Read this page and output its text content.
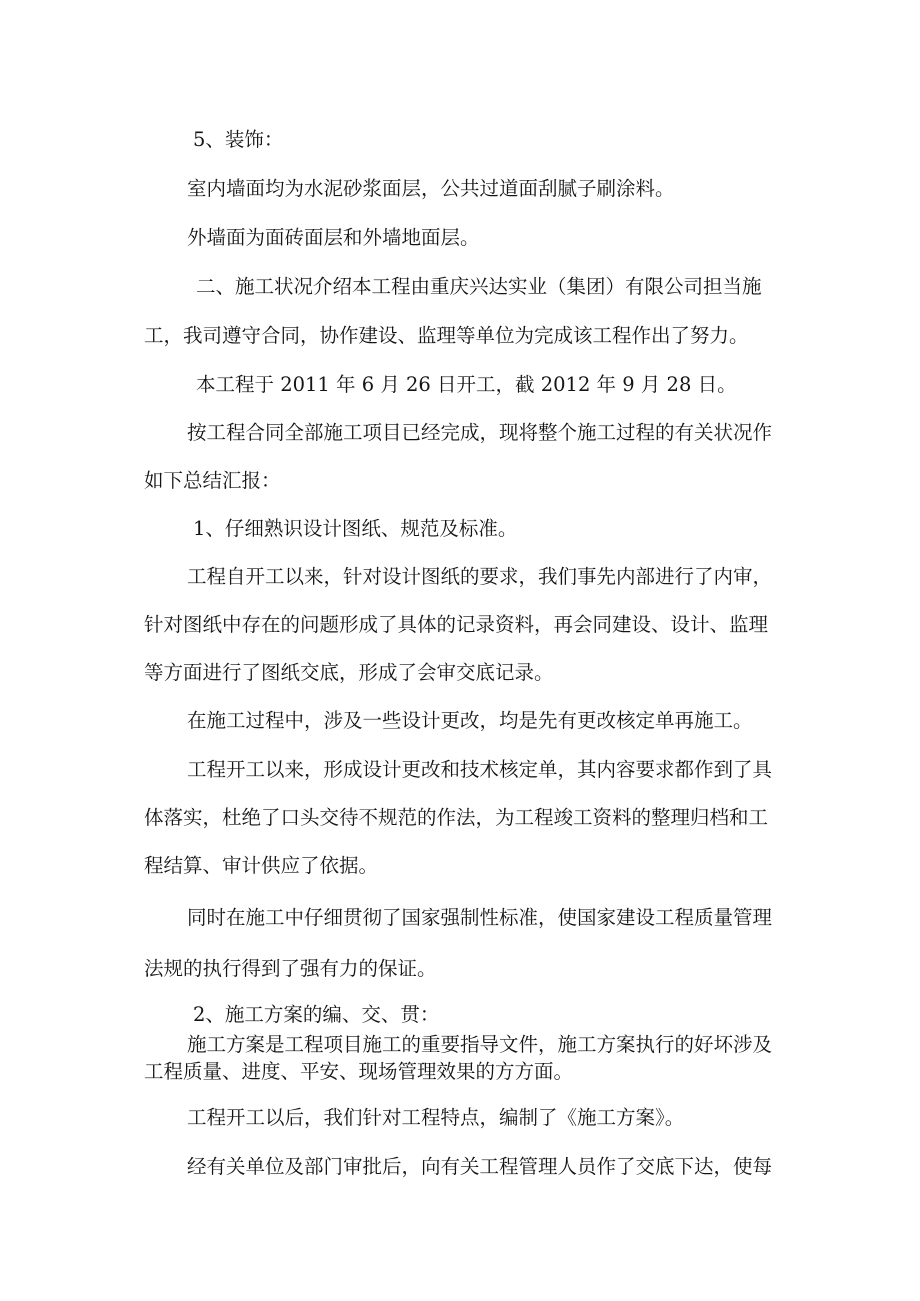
5、装饰：

室内墙面均为水泥砂浆面层，公共过道面刮腻子刷涂料。

外墙面为面砖面层和外墙地面层。

二、施工状况介绍本工程由重庆兴达实业（集团）有限公司担当施

工，我司遵守合同，协作建设、监理等单位为完成该工程作出了努力。

本工程于 2011 年 6 月 26 日开工，截 2012 年 9 月 28 日。

按工程合同全部施工项目已经完成，现将整个施工过程的有关状况作

如下总结汇报：

1、仔细熟识设计图纸、规范及标准。

工程自开工以来，针对设计图纸的要求，我们事先内部进行了内审，

针对图纸中存在的问题形成了具体的记录资料，再会同建设、设计、监理

等方面进行了图纸交底，形成了会审交底记录。

在施工过程中，涉及一些设计更改，均是先有更改核定单再施工。

工程开工以来，形成设计更改和技术核定单，其内容要求都作到了具

体落实，杜绝了口头交待不规范的作法，为工程竣工资料的整理归档和工

程结算、审计供应了依据。

同时在施工中仔细贯彻了国家强制性标准，使国家建设工程质量管理

法规的执行得到了强有力的保证。

2、施工方案的编、交、贯：

施工方案是工程项目施工的重要指导文件，施工方案执行的好坏涉及

工程质量、进度、平安、现场管理效果的方方面。

工程开工以后，我们针对工程特点，编制了《施工方案》。

经有关单位及部门审批后，向有关工程管理人员作了交底下达，使每
